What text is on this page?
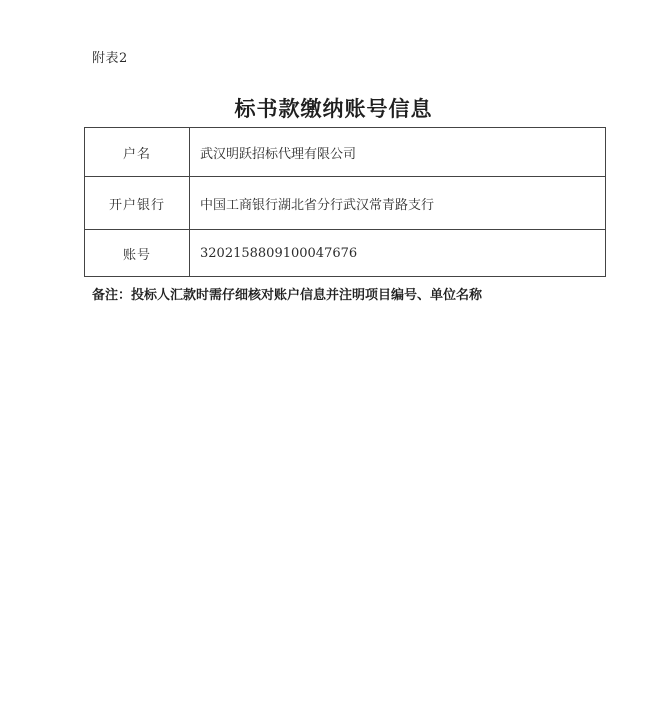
附表2
标书款缴纳账号信息
户名	武汉明跃招标代理有限公司
开户银行	中国工商银行湖北省分行武汉常青路支行
账号	3202158809100047676
备注：投标人汇款时需仔细核对账户信息并注明项目编号、单位名称
